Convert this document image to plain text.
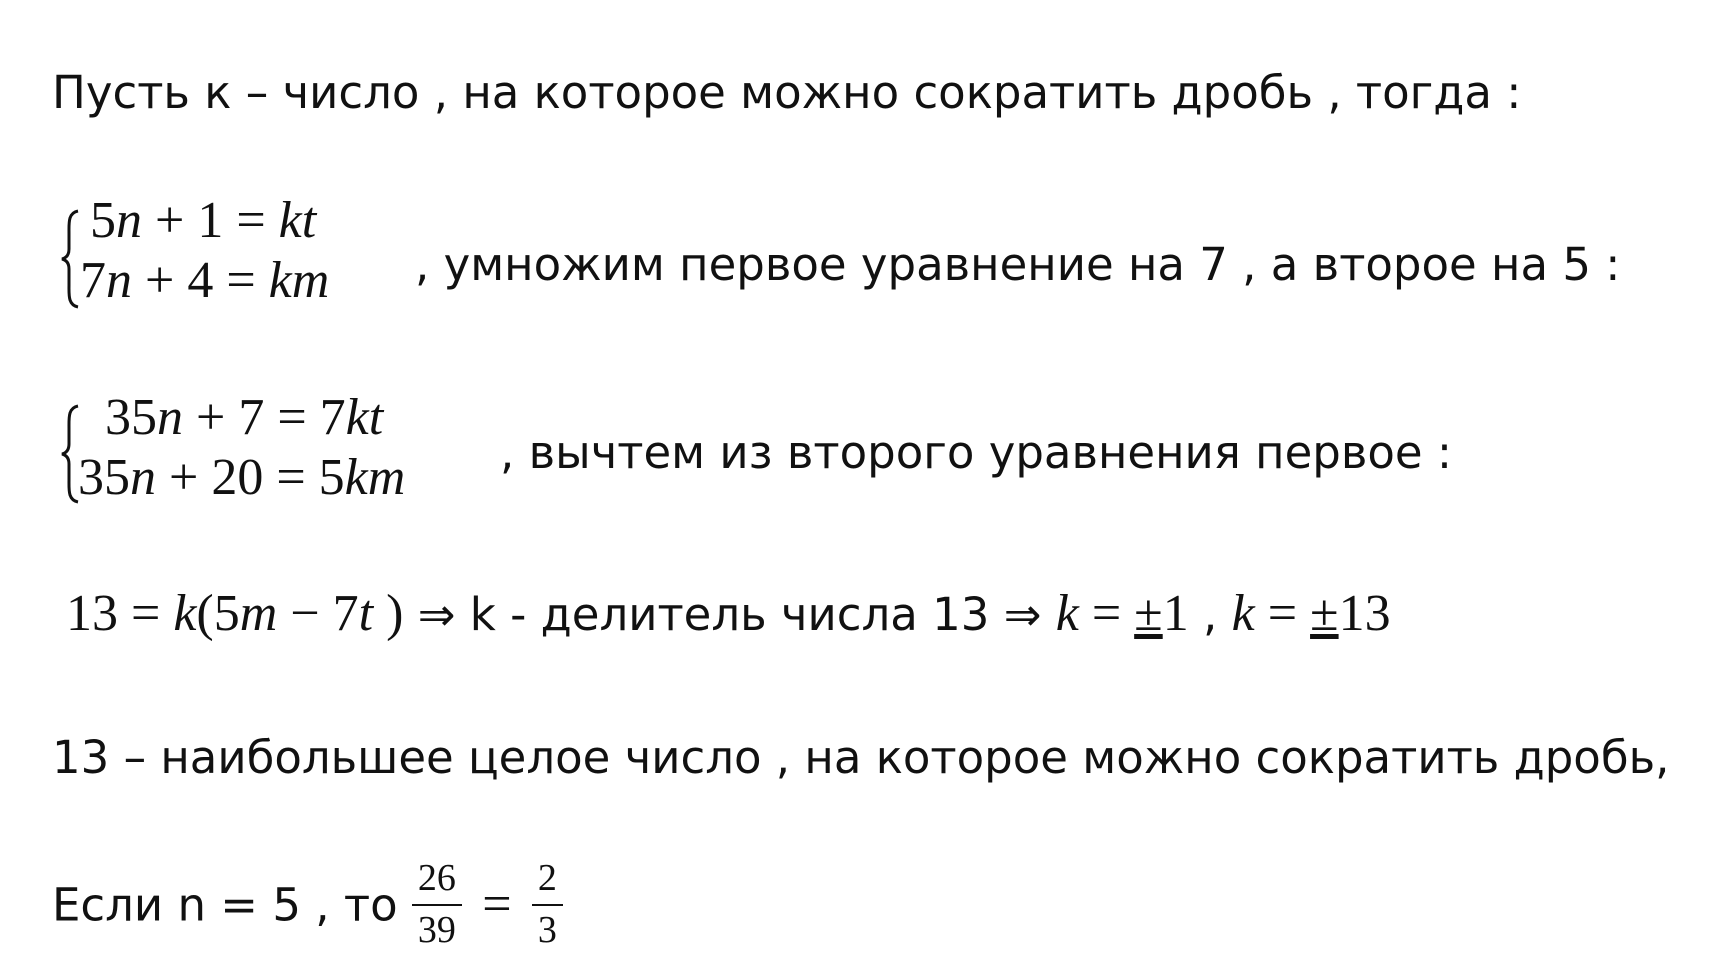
Пусть к – число , на которое можно сократить дробь , тогда :
5n + 1 = kt
7n + 4 = km , умножим первое уравнение на 7 , а второе на 5 :
35n + 7 = 7kt
35n + 20 = 5km , вычтем из второго уравнения первое :
13 = k(5m − 7t ) ⇒ k - делитель числа 13 ⇒ k = ±1 , k = ±13
13 – наибольшее целое число , на которое можно сократить дробь,
Если n = 5 , то $\frac{26}{39} = \frac{2}{3}$
